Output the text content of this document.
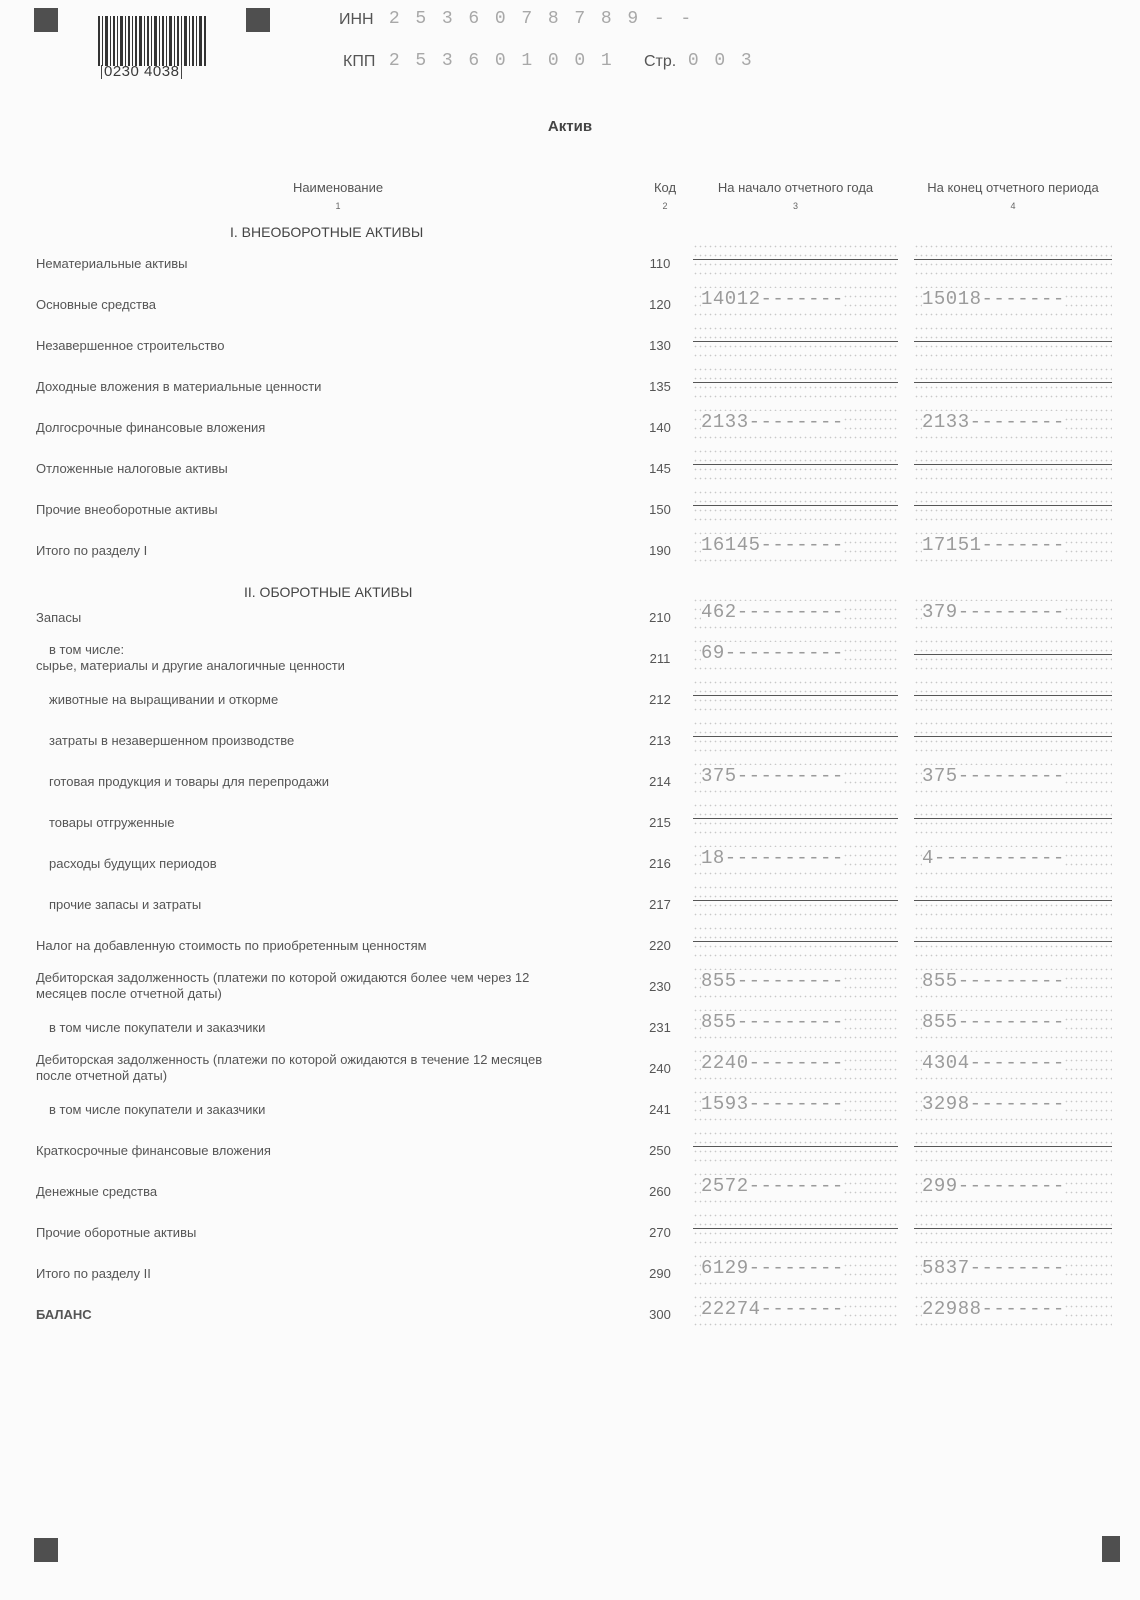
0230 4038
ИНН 2 5 3 6 0 7 8 7 8 9 - -
КПП 2 5 3 6 0 1 0 0 1	Стр. 0 0 3
Актив
Наименование
1
Код
2
На начало отчетного года
3
На конец отчетного периода
4
I. ВНЕОБОРОТНЫЕ АКТИВЫ
II. ОБОРОТНЫЕ АКТИВЫ
Нематериальные активы	110
Основные средства	120	14012-------	15018-------
Незавершенное строительство	130
Доходные вложения в материальные ценности	135
Долгосрочные финансовые вложения	140	2133--------	2133--------
Отложенные налоговые активы	145
Прочие внеоборотные активы	150
Итого по разделу I	190	16145-------	17151-------
Запасы	210	462---------	379---------
в том числе:
сырье, материалы и другие аналогичные ценности	211	69----------
животные на выращивании и откорме	212
затраты в незавершенном производстве	213
готовая продукция и товары для перепродажи	214	375---------	375---------
товары отгруженные	215
расходы будущих периодов	216	18----------	4-----------
прочие запасы и затраты	217
Налог на добавленную стоимость по приобретенным ценностям	220
Дебиторская задолженность (платежи по которой ожидаются более чем через 12
месяцев после отчетной даты)	230	855---------	855---------
в том числе покупатели и заказчики	231	855---------	855---------
Дебиторская задолженность (платежи по которой ожидаются в течение 12 месяцев
после отчетной даты)	240	2240--------	4304--------
в том числе покупатели и заказчики	241	1593--------	3298--------
Краткосрочные финансовые вложения	250
Денежные средства	260	2572--------	299---------
Прочие оборотные активы	270
Итого по разделу II	290	6129--------	5837--------
БАЛАНС	300	22274-------	22988-------
